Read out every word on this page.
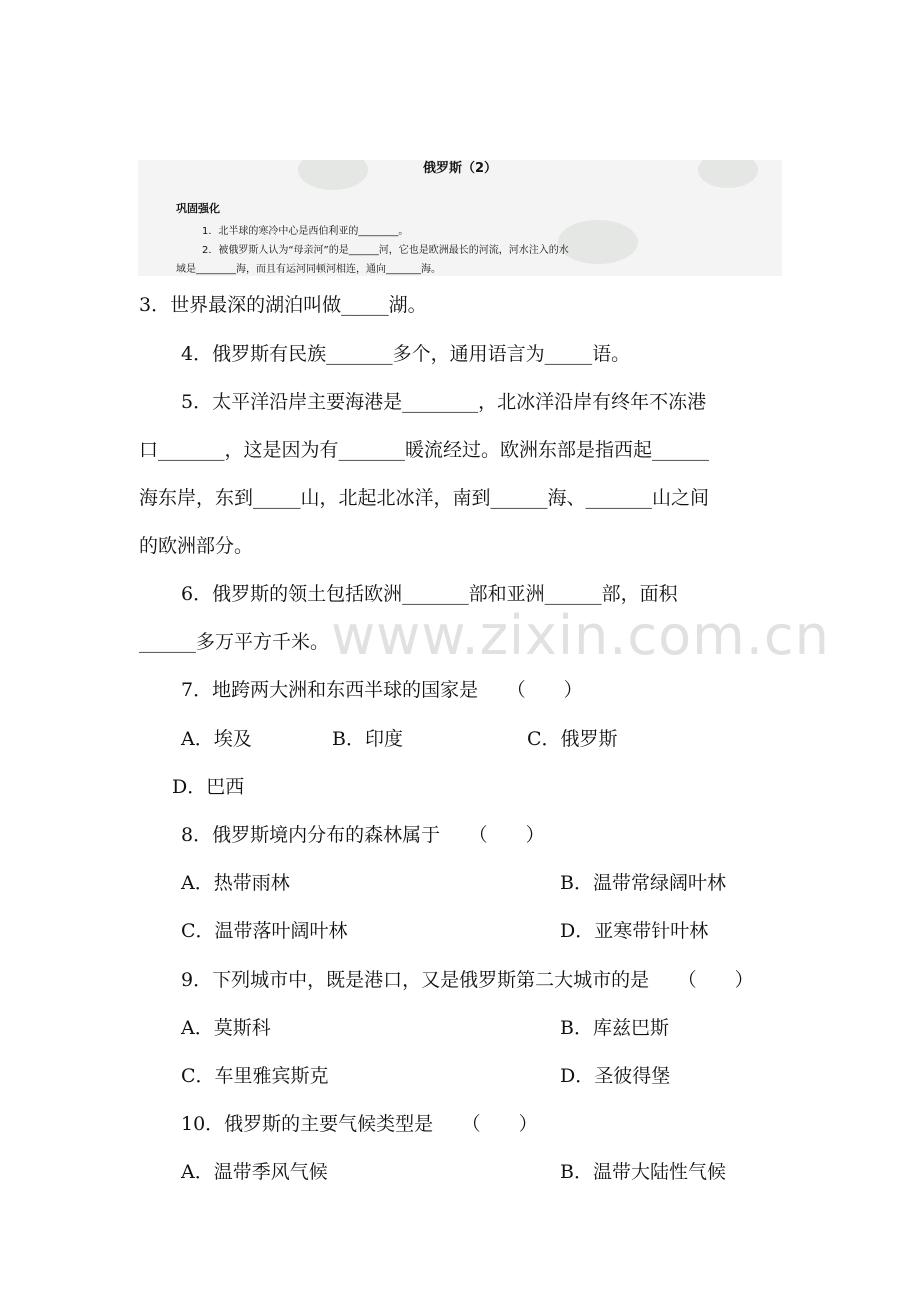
俄罗斯（2）
巩固强化
1．北半球的寒冷中心是西伯利亚的________。
2．被俄罗斯人认为“母亲河”的是______河，它也是欧洲最长的河流，河水注入的水
域是________海，而且有运河同顿河相连，通向_______海。
3．世界最深的湖泊叫做_____湖。
4．俄罗斯有民族_______多个，通用语言为_____语。
5．太平洋沿岸主要海港是________，北冰洋沿岸有终年不冻港
口_______，这是因为有_______暖流经过。欧洲东部是指西起______
海东岸，东到_____山，北起北冰洋，南到______海、_______山之间
的欧洲部分。
6．俄罗斯的领土包括欧洲_______部和亚洲______部，面积
______多万平方千米。 www.zixin.com.cn
7．地跨两大洲和东西半球的国家是　　（　　）
A．埃及	B．印度	C．俄罗斯
D．巴西
8．俄罗斯境内分布的森林属于　　（　　）
A．热带雨林	B．温带常绿阔叶林
C．温带落叶阔叶林	D．亚寒带针叶林
9．下列城市中，既是港口，又是俄罗斯第二大城市的是　　（　　）
A．莫斯科	B．库兹巴斯
C．车里雅宾斯克	D．圣彼得堡
10．俄罗斯的主要气候类型是　　（　　）
A．温带季风气候	B．温带大陆性气候
